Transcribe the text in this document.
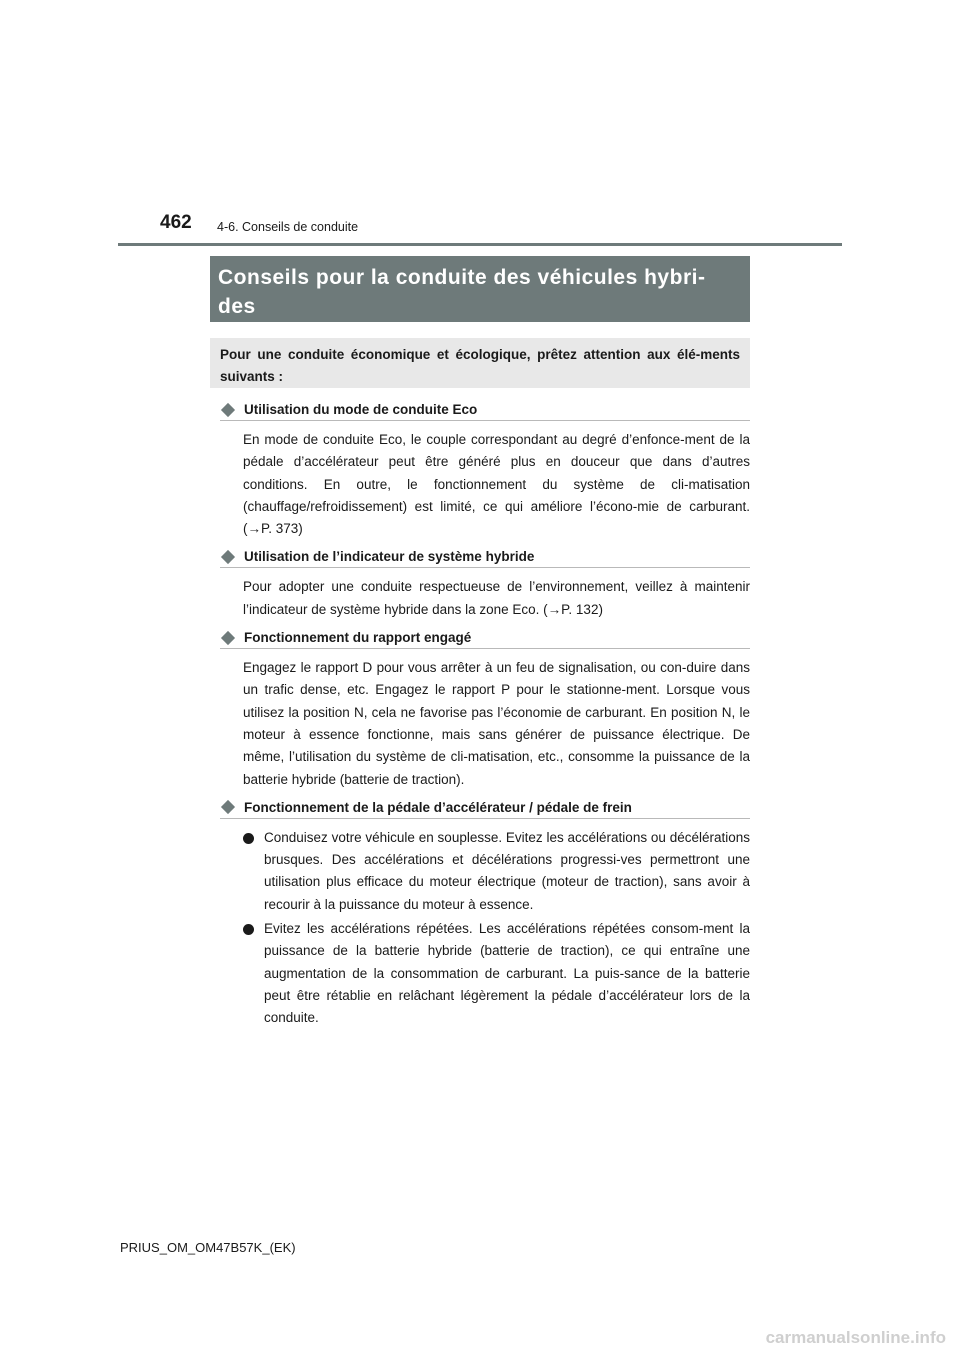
462 4-6. Conseils de conduite
Conseils pour la conduite des véhicules hybri-des

Pour une conduite économique et écologique, prêtez attention aux élé-ments suivants :

Utilisation du mode de conduite Eco

En mode de conduite Eco, le couple correspondant au degré d’enfonce-ment de la pédale d’accélérateur peut être généré plus en douceur que dans d’autres conditions. En outre, le fonctionnement du système de cli-matisation (chauffage/refroidissement) est limité, ce qui améliore l’écono-mie de carburant. (→P. 373)

Utilisation de l’indicateur de système hybride

Pour adopter une conduite respectueuse de l’environnement, veillez à maintenir l’indicateur de système hybride dans la zone Eco. (→P. 132)

Fonctionnement du rapport engagé

Engagez le rapport D pour vous arrêter à un feu de signalisation, ou con-duire dans un trafic dense, etc. Engagez le rapport P pour le stationne-ment. Lorsque vous utilisez la position N, cela ne favorise pas l’économie de carburant. En position N, le moteur à essence fonctionne, mais sans générer de puissance électrique. De même, l’utilisation du système de cli-matisation, etc., consomme la puissance de la batterie hybride (batterie de traction).

Fonctionnement de la pédale d’accélérateur / pédale de frein
Conduisez votre véhicule en souplesse. Evitez les accélérations ou décélérations brusques. Des accélérations et décélérations progressi-ves permettront une utilisation plus efficace du moteur électrique (moteur de traction), sans avoir à recourir à la puissance du moteur à essence.
Evitez les accélérations répétées. Les accélérations répétées consom-ment la puissance de la batterie hybride (batterie de traction), ce qui entraîne une augmentation de la consommation de carburant. La puis-sance de la batterie peut être rétablie en relâchant légèrement la pédale d’accélérateur lors de la conduite.
PRIUS_OM_OM47B57K_(EK)
carmanualsonline.info
